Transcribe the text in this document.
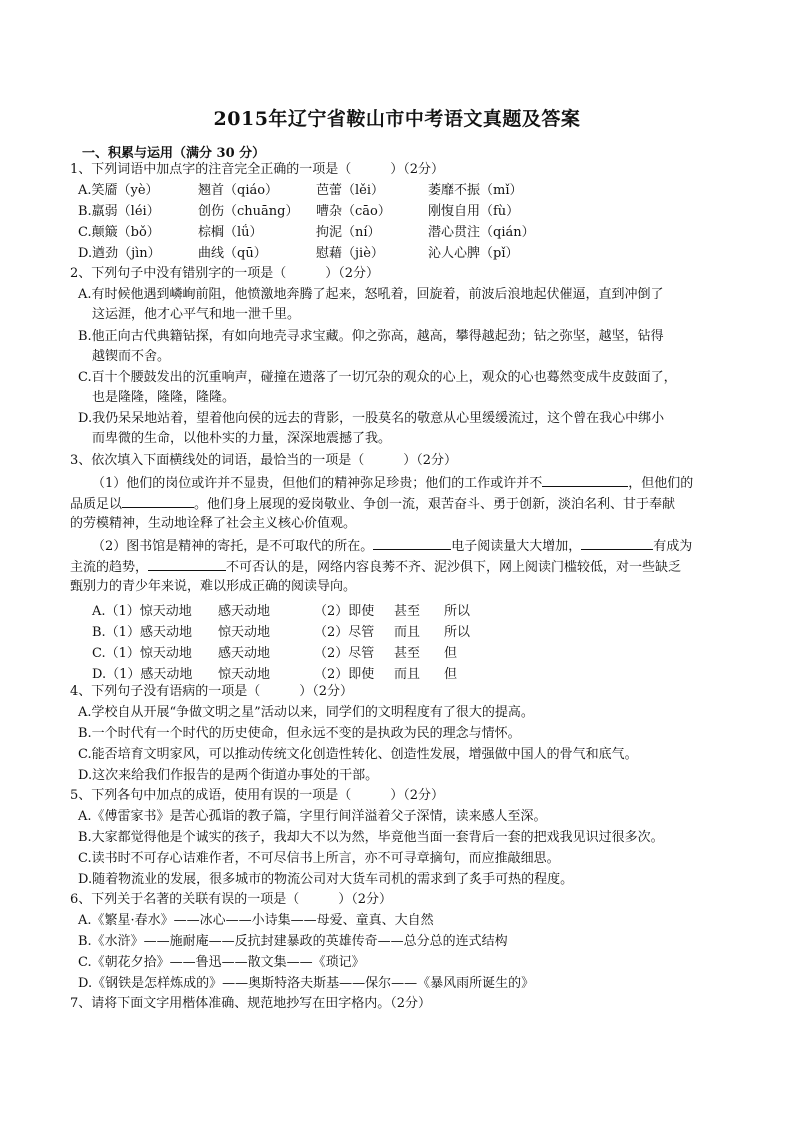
2015年辽宁省鞍山市中考语文真题及答案
一、积累与运用（满分 30 分）
1、下列词语中加点字的注音完全正确的一项是（　　　）（2分）
A.笑靥（yè）	翘首（qiáo）	芭蕾（lěi）	萎靡不振（mǐ）
B.羸弱（léi）	创伤（chuāng） 嘈杂（cāo）	刚愎自用（fù）
C.颠簸（bǒ）	棕榈（lǘ）	拘泥（ní）	潜心贯注（qián）
D.遒劲（jìn）	曲线（qū）	慰藉（jiè）	沁人心脾（pǐ）
2、下列句子中没有错别字的一项是（　　　）（2分）
A.有时候他遇到嶙峋前阻，他愤激地奔腾了起来，怒吼着，回旋着，前波后浪地起伏催逼，直到冲倒了
这运涯，他才心平气和地一泄千里。
B.他正向古代典籍钻探，有如向地壳寻求宝藏。仰之弥高，越高，攀得越起劲；钻之弥坚，越坚，钻得
越锲而不舍。
C.百十个腰鼓发出的沉重响声，碰撞在遗落了一切冗杂的观众的心上，观众的心也蓦然变成牛皮鼓面了，
也是隆隆，隆隆，隆隆。
D.我仍呆呆地站着，望着他向侯的远去的背影，一股莫名的敬意从心里缓缓流过，这个曾在我心中绑小
而卑微的生命，以他朴实的力量，深深地震撼了我。
3、依次填入下面横线处的词语，最恰当的一项是（　　　）（2分）
（1）他们的岗位或许并不显贵，但他们的精神弥足珍贵；他们的工作或许并不	，但他们的
品质足以	。他们身上展现的爱岗敬业、争创一流，艰苦奋斗、勇于创新，淡泊名利、甘于奉献
的劳模精神，生动地诠释了社会主义核心价值观。
（2）图书馆是精神的寄托，是不可取代的所在。	电子阅读量大大增加，	有成为
主流的趋势，	不可否认的是，网络内容良莠不齐、泥沙俱下，网上阅读门槛较低，对一些缺乏
甄别力的青少年来说，难以形成正确的阅读导向。
A.（1）惊天动地 感天动地	（2）即使 甚至 所以
B.（1）感天动地 惊天动地	（2）尽管 而且 所以
C.（1）惊天动地 感天动地	（2）尽管 甚至 但
D.（1）感天动地 惊天动地	（2）即使 而且 但
4、下列句子没有语病的一项是（　　　）（2分）
A.学校自从开展“争做文明之星”活动以来，同学们的文明程度有了很大的提高。
B.一个时代有一个时代的历史使命，但永远不变的是执政为民的理念与情怀。
C.能否培育文明家风，可以推动传统文化创造性转化、创造性发展，增强做中国人的骨气和底气。
D.这次来给我们作报告的是两个街道办事处的干部。
5、下列各句中加点的成语，使用有误的一项是（　　　）（2分）
A.《傅雷家书》是苦心孤诣的教子篇，字里行间洋溢着父子深情，读来感人至深。
B.大家都觉得他是个诚实的孩子，我却大不以为然，毕竟他当面一套背后一套的把戏我见识过很多次。
C.读书时不可存心诘难作者，不可尽信书上所言，亦不可寻章摘句，而应推敲细思。
D.随着物流业的发展，很多城市的物流公司对大货车司机的需求到了炙手可热的程度。
6、下列关于名著的关联有误的一项是（　　　）（2分）
A.《繁星·春水》——冰心——小诗集——母爱、童真、大自然
B.《水浒》——施耐庵——反抗封建暴政的英雄传奇——总分总的连式结构
C.《朝花夕拾》——鲁迅——散文集——《琐记》
D.《钢铁是怎样炼成的》——奥斯特洛夫斯基——保尔——《暴风雨所诞生的》
7、请将下面文字用楷体准确、规范地抄写在田字格内。（2分）
